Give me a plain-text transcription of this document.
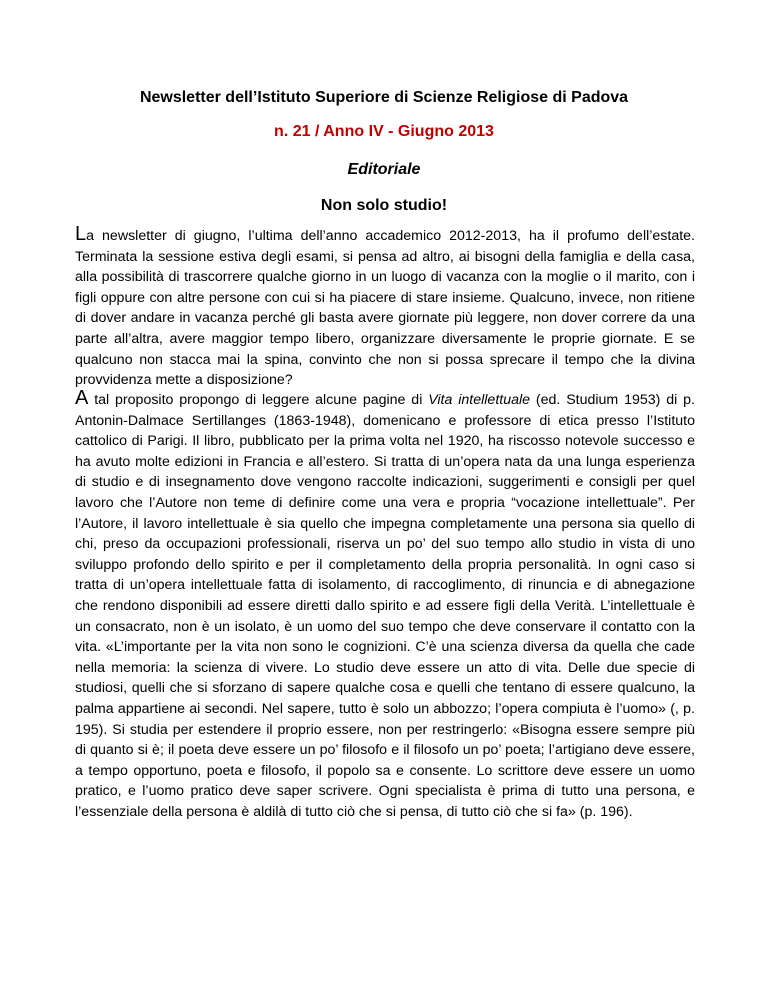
Newsletter dell’Istituto Superiore di Scienze Religiose di Padova
n. 21 / Anno IV - Giugno 2013
Editoriale
Non solo studio!

La newsletter di giugno, l’ultima dell’anno accademico 2012-2013, ha il profumo dell’estate. Terminata la sessione estiva degli esami, si pensa ad altro, ai bisogni della famiglia e della casa, alla possibilità di trascorrere qualche giorno in un luogo di vacanza con la moglie o il marito, con i figli oppure con altre persone con cui si ha piacere di stare insieme. Qualcuno, invece, non ritiene di dover andare in vacanza perché gli basta avere giornate più leggere, non dover correre da una parte all’altra, avere maggior tempo libero, organizzare diversamente le proprie giornate. E se qualcuno non stacca mai la spina, convinto che non si possa sprecare il tempo che la divina provvidenza mette a disposizione?

A tal proposito propongo di leggere alcune pagine di Vita intellettuale (ed. Studium 1953) di p. Antonin-Dalmace Sertillanges (1863-1948), domenicano e professore di etica presso l’Istituto cattolico di Parigi. Il libro, pubblicato per la prima volta nel 1920, ha riscosso notevole successo e ha avuto molte edizioni in Francia e all’estero. Si tratta di un’opera nata da una lunga esperienza di studio e di insegnamento dove vengono raccolte indicazioni, suggerimenti e consigli per quel lavoro che l’Autore non teme di definire come una vera e propria “vocazione intellettuale”. Per l’Autore, il lavoro intellettuale è sia quello che impegna completamente una persona sia quello di chi, preso da occupazioni professionali, riserva un po’ del suo tempo allo studio in vista di uno sviluppo profondo dello spirito e per il completamento della propria personalità. In ogni caso si tratta di un’opera intellettuale fatta di isolamento, di raccoglimento, di rinuncia e di abnegazione che rendono disponibili ad essere diretti dallo spirito e ad essere figli della Verità. L’intellettuale è un consacrato, non è un isolato, è un uomo del suo tempo che deve conservare il contatto con la vita. «L’importante per la vita non sono le cognizioni. C’è una scienza diversa da quella che cade nella memoria: la scienza di vivere. Lo studio deve essere un atto di vita. Delle due specie di studiosi, quelli che si sforzano di sapere qualche cosa e quelli che tentano di essere qualcuno, la palma appartiene ai secondi. Nel sapere, tutto è solo un abbozzo; l’opera compiuta è l’uomo» (, p. 195). Si studia per estendere il proprio essere, non per restringerlo: «Bisogna essere sempre più di quanto si è; il poeta deve essere un po’ filosofo e il filosofo un po’ poeta; l’artigiano deve essere, a tempo opportuno, poeta e filosofo, il popolo sa e consente. Lo scrittore deve essere un uomo pratico, e l’uomo pratico deve saper scrivere. Ogni specialista è prima di tutto una persona, e l’essenziale della persona è aldilà di tutto ciò che si pensa, di tutto ciò che si fa» (p. 196).
